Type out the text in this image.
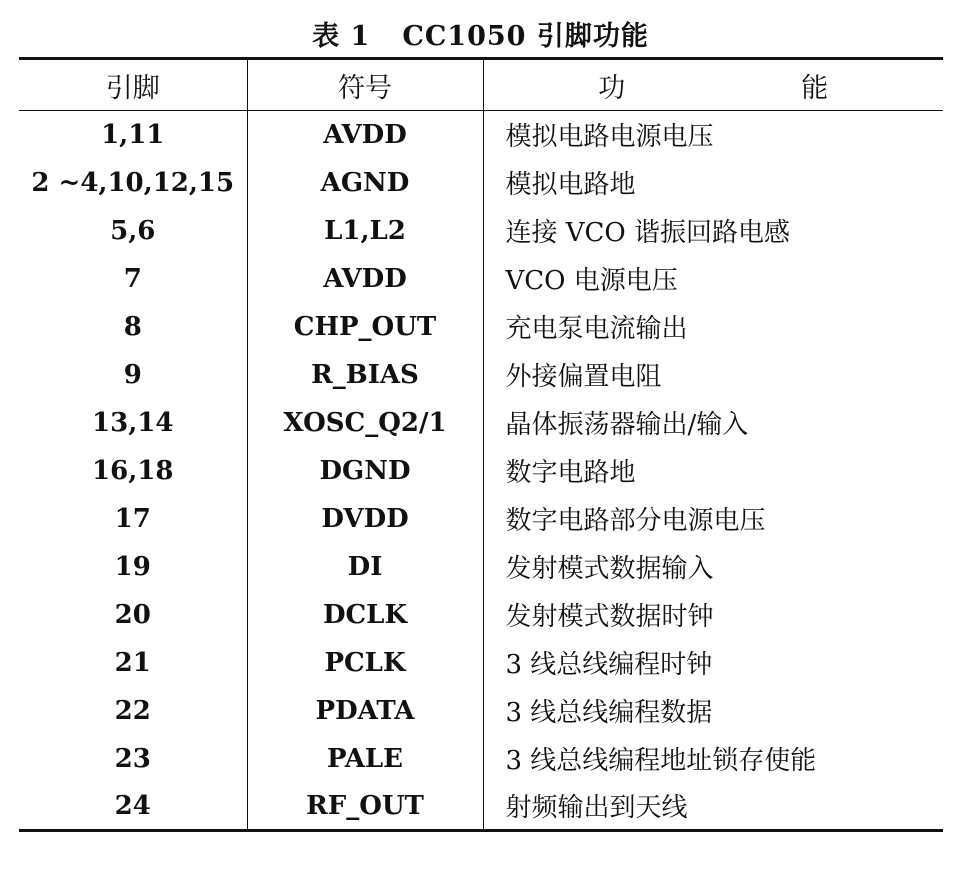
表 1 CC1050 引脚功能
引脚	符号	功 能

1,11	AVDD	模拟电路电源电压
2 ~4,10,12,15	AGND	模拟电路地
5,6	L1,L2	连接 VCO 谐振回路电感
7	AVDD	VCO 电源电压
8	CHP_OUT	充电泵电流输出
9	R_BIAS	外接偏置电阻
13,14	XOSC_Q2/1	晶体振荡器输出/输入
16,18	DGND	数字电路地
17	DVDD	数字电路部分电源电压
19	DI	发射模式数据输入
20	DCLK	发射模式数据时钟
21	PCLK	3 线总线编程时钟
22	PDATA	3 线总线编程数据
23	PALE	3 线总线编程地址锁存使能
24	RF_OUT	射频输出到天线
